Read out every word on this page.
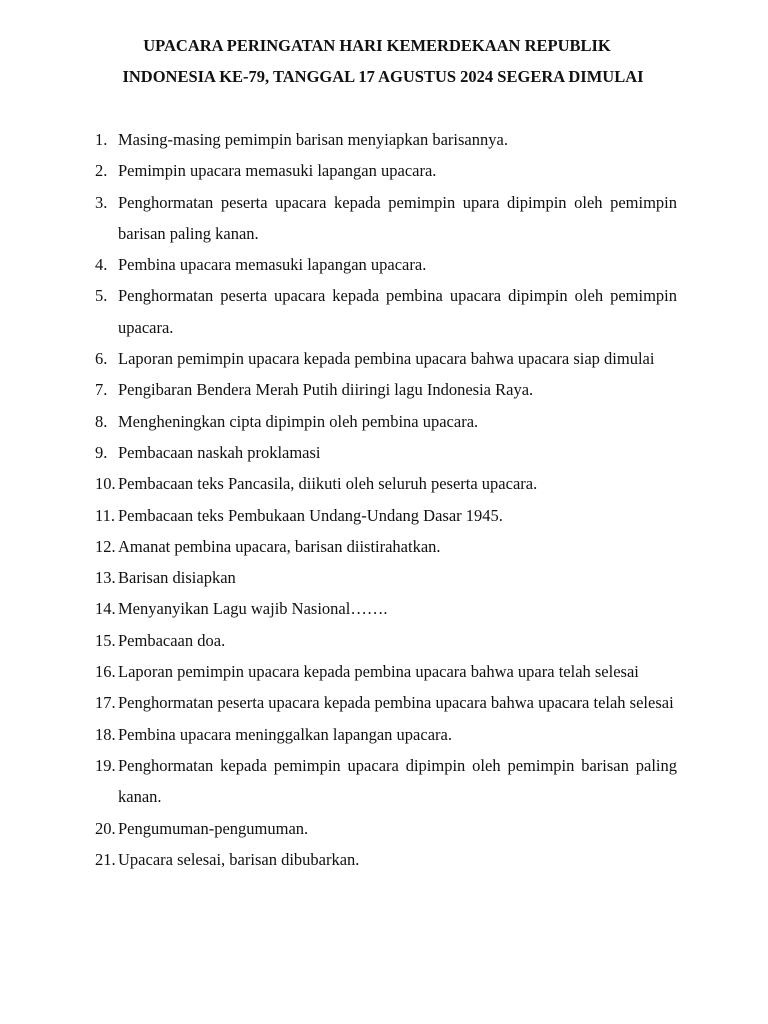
UPACARA PERINGATAN HARI KEMERDEKAAN REPUBLIK
INDONESIA KE-79, TANGGAL 17 AGUSTUS 2024 SEGERA DIMULAI
1. Masing-masing pemimpin barisan menyiapkan barisannya.
2. Pemimpin upacara memasuki lapangan upacara.
3. Penghormatan peserta upacara kepada pemimpin upara dipimpin oleh pemimpin barisan paling kanan.
4. Pembina upacara memasuki lapangan upacara.
5. Penghormatan peserta upacara kepada pembina upacara dipimpin oleh pemimpin upacara.
6. Laporan pemimpin upacara kepada pembina upacara bahwa upacara siap dimulai
7. Pengibaran Bendera Merah Putih diiringi lagu Indonesia Raya.
8. Mengheningkan cipta dipimpin oleh pembina upacara.
9. Pembacaan naskah proklamasi
10. Pembacaan teks Pancasila, diikuti oleh seluruh peserta upacara.
11. Pembacaan teks Pembukaan Undang-Undang Dasar 1945.
12. Amanat pembina upacara, barisan diistirahatkan.
13. Barisan disiapkan
14. Menyanyikan Lagu wajib Nasional…….
15. Pembacaan doa.
16. Laporan pemimpin upacara kepada pembina upacara bahwa upara telah selesai
17. Penghormatan peserta upacara kepada pembina upacara bahwa upacara telah selesai
18. Pembina upacara meninggalkan lapangan upacara.
19. Penghormatan kepada pemimpin upacara dipimpin oleh pemimpin barisan paling kanan.
20. Pengumuman-pengumuman.
21. Upacara selesai, barisan dibubarkan.
